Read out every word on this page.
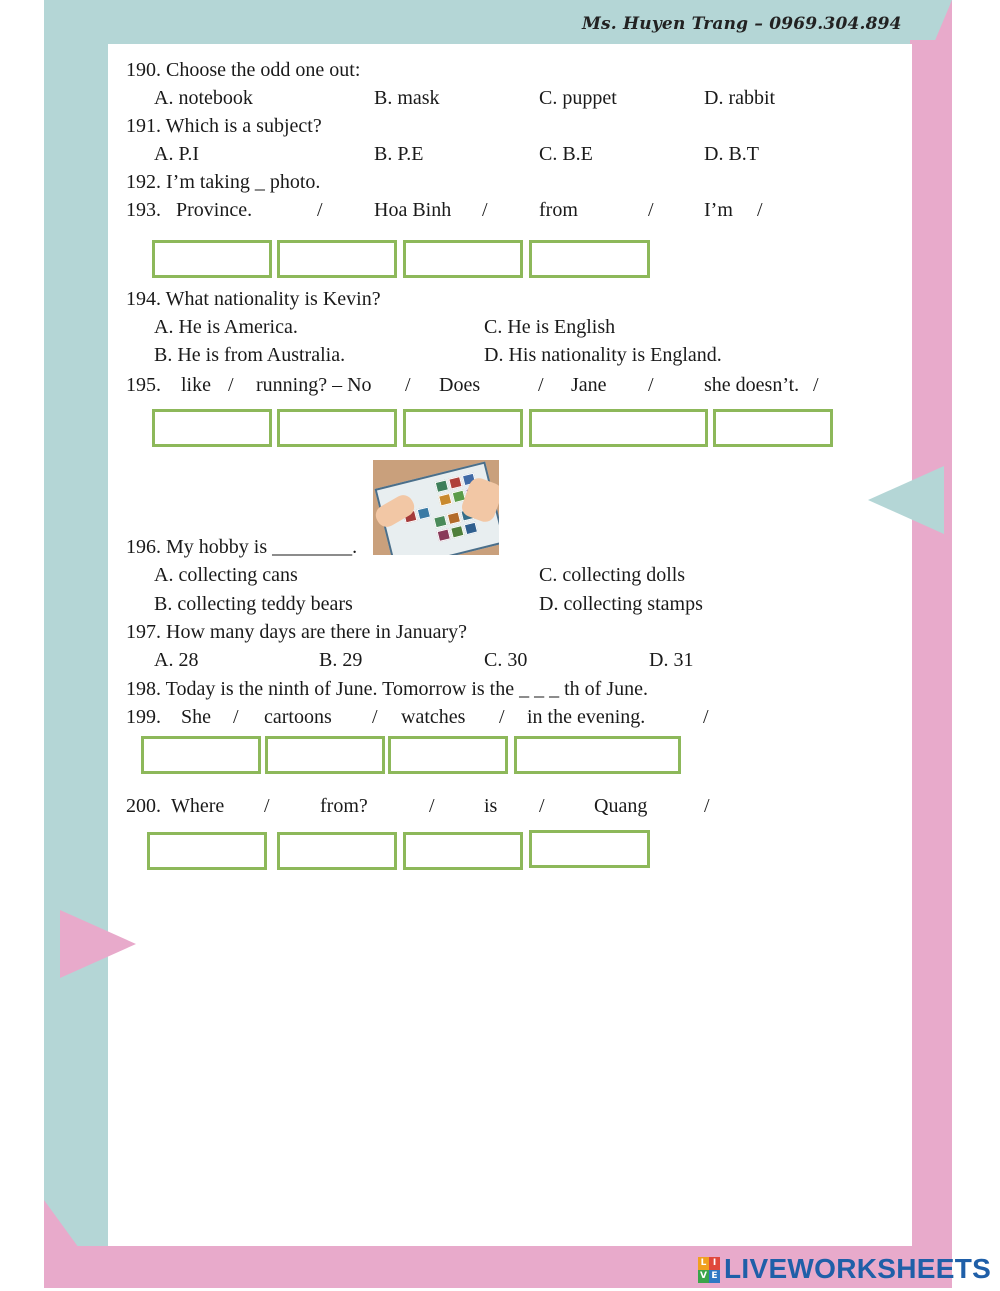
Ms. Huyen Trang – 0969.304.894
190. Choose the odd one out:
A. notebook	B. mask	C. puppet	D. rabbit
191. Which is a subject?
A. P.I	B. P.E	C. B.E	D. B.T
192. I’m taking _ photo.
193. Province.	/	Hoa Binh /	from	/	I’m /
194. What nationality is Kevin?
A. He is America.	C. He is English
B. He is from Australia.	D. His nationality is England.
195. like / running? – No / Does	/ Jane /	she doesn’t. /
196. My hobby is ________.
A. collecting cans	C. collecting dolls
B. collecting teddy bears	D. collecting stamps
197. How many days are there in January?
A. 28	B. 29	C. 30	D. 31
198. Today is the ninth of June. Tomorrow is the _ _ _ th of June.
199. She / cartoons / watches / in the evening.	/
200. Where /	from?	/ is / Quang	/
L I
V E LIVEWORKSHEETS
